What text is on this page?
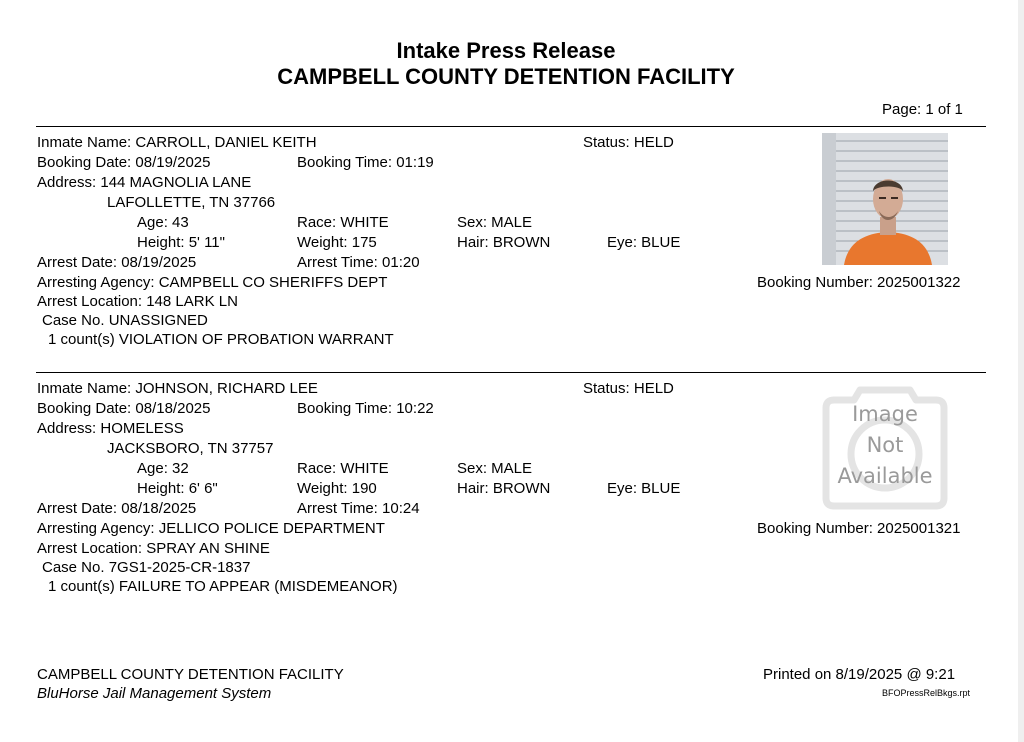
Intake Press Release
CAMPBELL COUNTY DETENTION FACILITY
Page: 1 of 1
Inmate Name: CARROLL, DANIEL KEITH	Status: HELD
Booking Date: 08/19/2025	Booking Time: 01:19
Address: 144 MAGNOLIA LANE
LAFOLLETTE, TN 37766
Age: 43	Race: WHITE	Sex: MALE
Height: 5' 11"	Weight: 175	Hair: BROWN	Eye: BLUE
Arrest Date: 08/19/2025	Arrest Time: 01:20
Arresting Agency: CAMPBELL CO SHERIFFS DEPT	Booking Number: 2025001322
Arrest Location: 148 LARK LN
Case No. UNASSIGNED
1 count(s) VIOLATION OF PROBATION WARRANT
Inmate Name: JOHNSON, RICHARD LEE	Status: HELD
Booking Date: 08/18/2025	Booking Time: 10:22
Address: HOMELESS
JACKSBORO, TN 37757
Age: 32	Race: WHITE	Sex: MALE
Height: 6' 6"	Weight: 190	Hair: BROWN	Eye: BLUE
Arrest Date: 08/18/2025	Arrest Time: 10:24
Arresting Agency: JELLICO POLICE DEPARTMENT	Booking Number: 2025001321
Arrest Location: SPRAY AN SHINE
Case No. 7GS1-2025-CR-1837
1 count(s) FAILURE TO APPEAR (MISDEMEANOR)
Image
Not
Available
CAMPBELL COUNTY DETENTION FACILITY
BluHorse Jail Management System
Printed on 8/19/2025 @ 9:21
BFOPressRelBkgs.rpt
